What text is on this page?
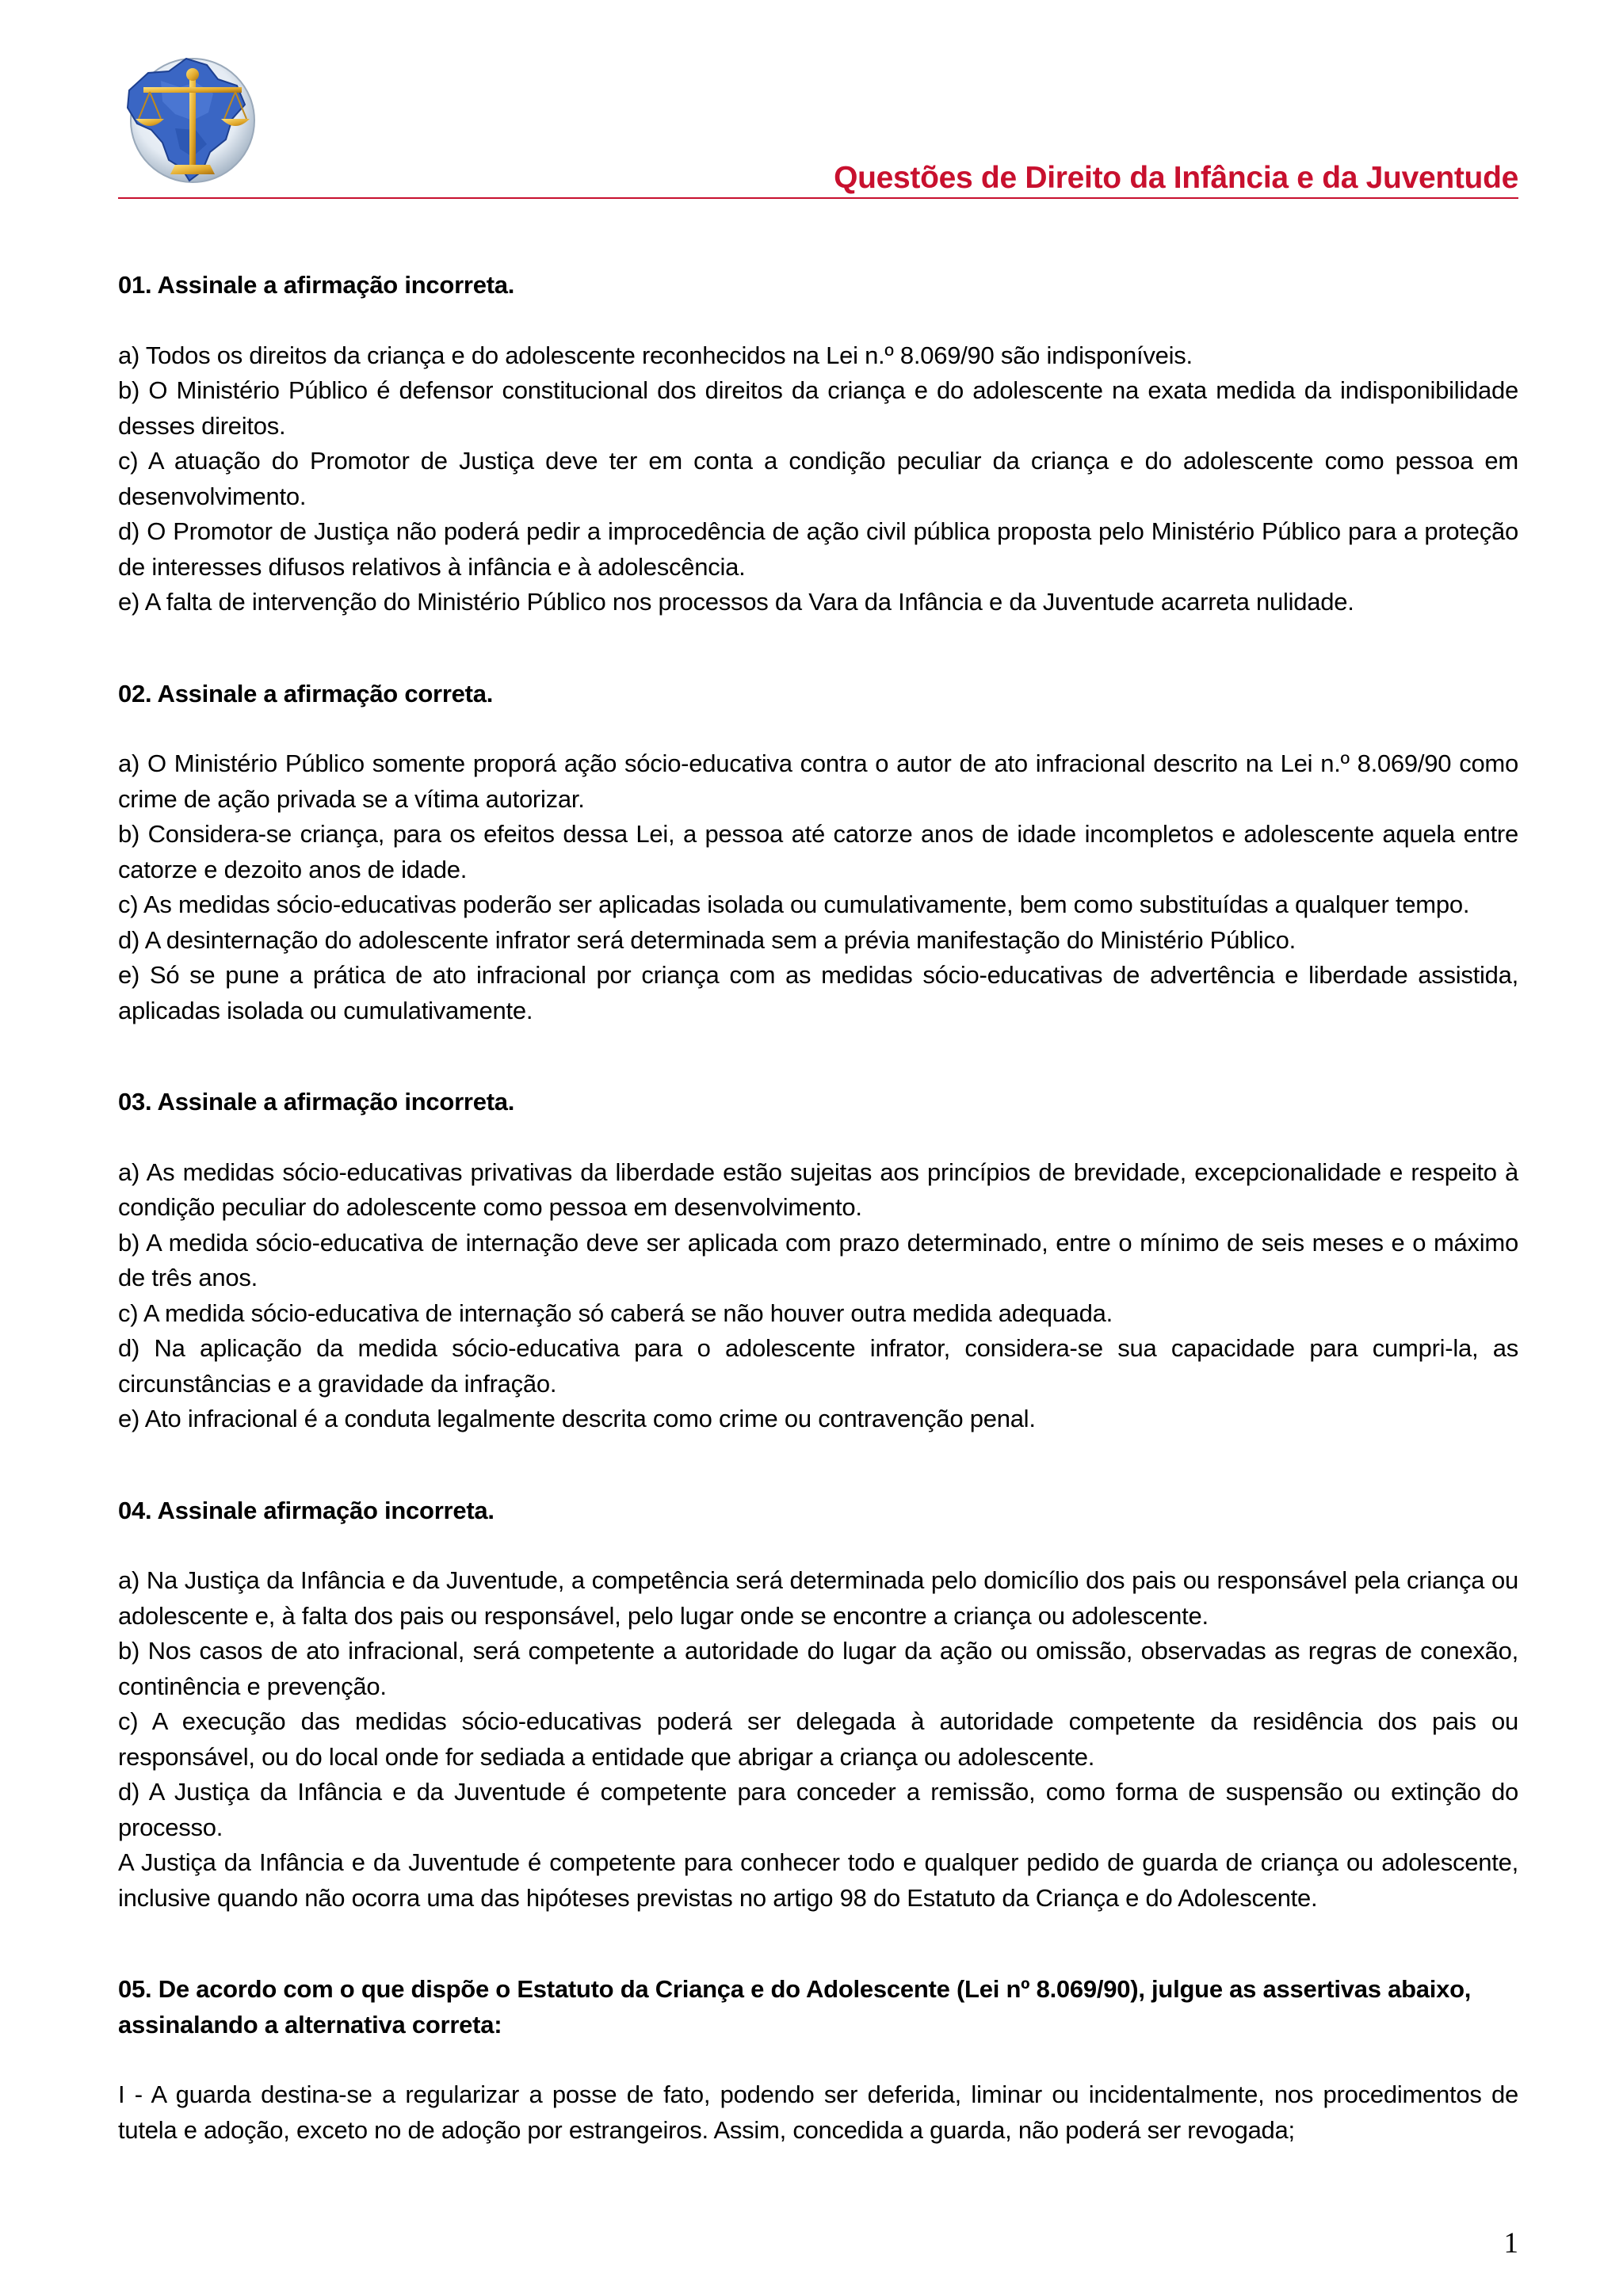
Questões de Direito da Infância e da Juventude

01. Assinale a afirmação incorreta.

a) Todos os direitos da criança e do adolescente reconhecidos na Lei n.º 8.069/90 são indisponíveis.

b) O Ministério Público é defensor constitucional dos direitos da criança e do adolescente na exata medida da indisponibilidade desses direitos.

c) A atuação do Promotor de Justiça deve ter em conta a condição peculiar da criança e do adolescente como pessoa em desenvolvimento.

d) O Promotor de Justiça não poderá pedir a improcedência de ação civil pública proposta pelo Ministério Público para a proteção de interesses difusos relativos à infância e à adolescência.

e) A falta de intervenção do Ministério Público nos processos da Vara da Infância e da Juventude acarreta nulidade.

02. Assinale a afirmação correta.

a) O Ministério Público somente proporá ação sócio-educativa contra o autor de ato infracional descrito na Lei n.º 8.069/90 como crime de ação privada se a vítima autorizar.

b) Considera-se criança, para os efeitos dessa Lei, a pessoa até catorze anos de idade incompletos e adolescente aquela entre catorze e dezoito anos de idade.

c) As medidas sócio-educativas poderão ser aplicadas isolada ou cumulativamente, bem como substituídas a qualquer tempo.

d) A desinternação do adolescente infrator será determinada sem a prévia manifestação do Ministério Público.

e) Só se pune a prática de ato infracional por criança com as medidas sócio-educativas de advertência e liberdade assistida, aplicadas isolada ou cumulativamente.

03. Assinale a afirmação incorreta.

a) As medidas sócio-educativas privativas da liberdade estão sujeitas aos princípios de brevidade, excepcionalidade e respeito à condição peculiar do adolescente como pessoa em desenvolvimento.

b) A medida sócio-educativa de internação deve ser aplicada com prazo determinado, entre o mínimo de seis meses e o máximo de três anos.

c) A medida sócio-educativa de internação só caberá se não houver outra medida adequada.

d) Na aplicação da medida sócio-educativa para o adolescente infrator, considera-se sua capacidade para cumpri-la, as circunstâncias e a gravidade da infração.

e) Ato infracional é a conduta legalmente descrita como crime ou contravenção penal.

04. Assinale afirmação incorreta.

a) Na Justiça da Infância e da Juventude, a competência será determinada pelo domicílio dos pais ou responsável pela criança ou adolescente e, à falta dos pais ou responsável, pelo lugar onde se encontre a criança ou adolescente.

b) Nos casos de ato infracional, será competente a autoridade do lugar da ação ou omissão, observadas as regras de conexão, continência e prevenção.

c) A execução das medidas sócio-educativas poderá ser delegada à autoridade competente da residência dos pais ou responsável, ou do local onde for sediada a entidade que abrigar a criança ou adolescente.

d) A Justiça da Infância e da Juventude é competente para conceder a remissão, como forma de suspensão ou extinção do processo.

A Justiça da Infância e da Juventude é competente para conhecer todo e qualquer pedido de guarda de criança ou adolescente, inclusive quando não ocorra uma das hipóteses previstas no artigo 98 do Estatuto da Criança e do Adolescente.

05. De acordo com o que dispõe o Estatuto da Criança e do Adolescente (Lei nº 8.069/90), julgue as assertivas abaixo, assinalando a alternativa correta:

I - A guarda destina-se a regularizar a posse de fato, podendo ser deferida, liminar ou incidentalmente, nos procedimentos de tutela e adoção, exceto no de adoção por estrangeiros. Assim, concedida a guarda, não poderá ser revogada;

1
